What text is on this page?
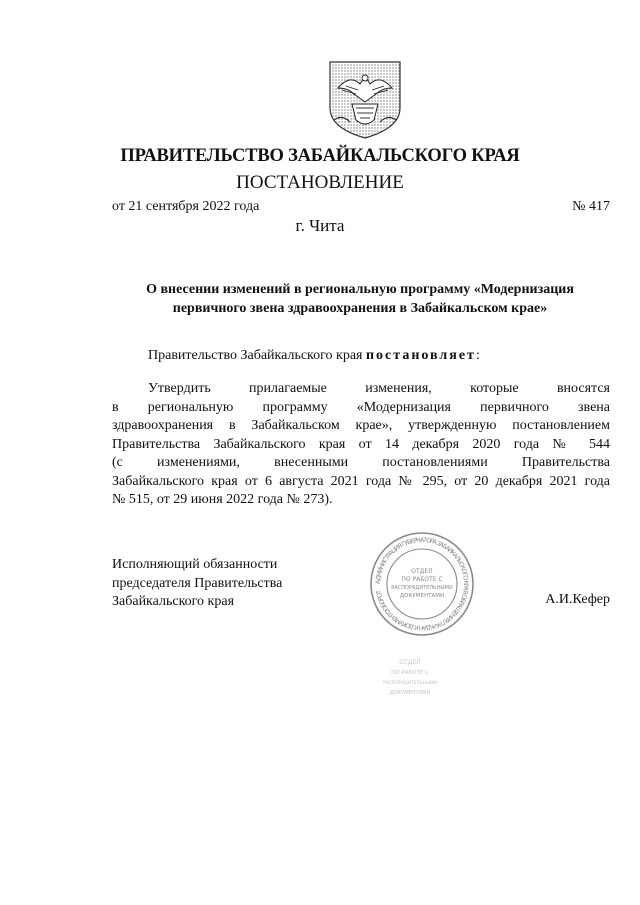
ПРАВИТЕЛЬСТВО ЗАБАЙКАЛЬСКОГО КРАЯ
ПОСТАНОВЛЕНИЕ
от 21 сентября 2022 года	№ 417
г. Чита
О внесении изменений в региональную программу «Модернизация
первичного звена здравоохранения в Забайкальском крае»
Правительство Забайкальского края постановляет:
Утвердить прилагаемые изменения, которые вносятся
в региональную программу «Модернизация первичного звена
здравоохранения в Забайкальском крае», утвержденную постановлением
Правительства Забайкальского края от 14 декабря 2020 года № 544
(с изменениями, внесенными постановлениями Правительства
Забайкальского края от 6 августа 2021 года № 295, от 20 декабря 2021 года
№ 515, от 29 июня 2022 года № 273).
Исполняющий обязанности
председателя Правительства
Забайкальского края	А.И.Кефер
АДМИНИСТРАЦИЯ ГУБЕРНАТОРА ЗАБАЙКАЛЬСКОГО КРАЯ ОБРАЩЕНИЯ ГРАЖДАН И ДОКУМЕНТООБОРОТ
ОТДЕЛ
ПО РАБОТЕ С
РАСПОРЯДИТЕЛЬНЫМИ
ДОКУМЕНТАМИ
ОТДЕЛ
ПО РАБОТЕ С
РАСПОРЯДИТЕЛЬНЫМИ
ДОКУМЕНТАМИ
